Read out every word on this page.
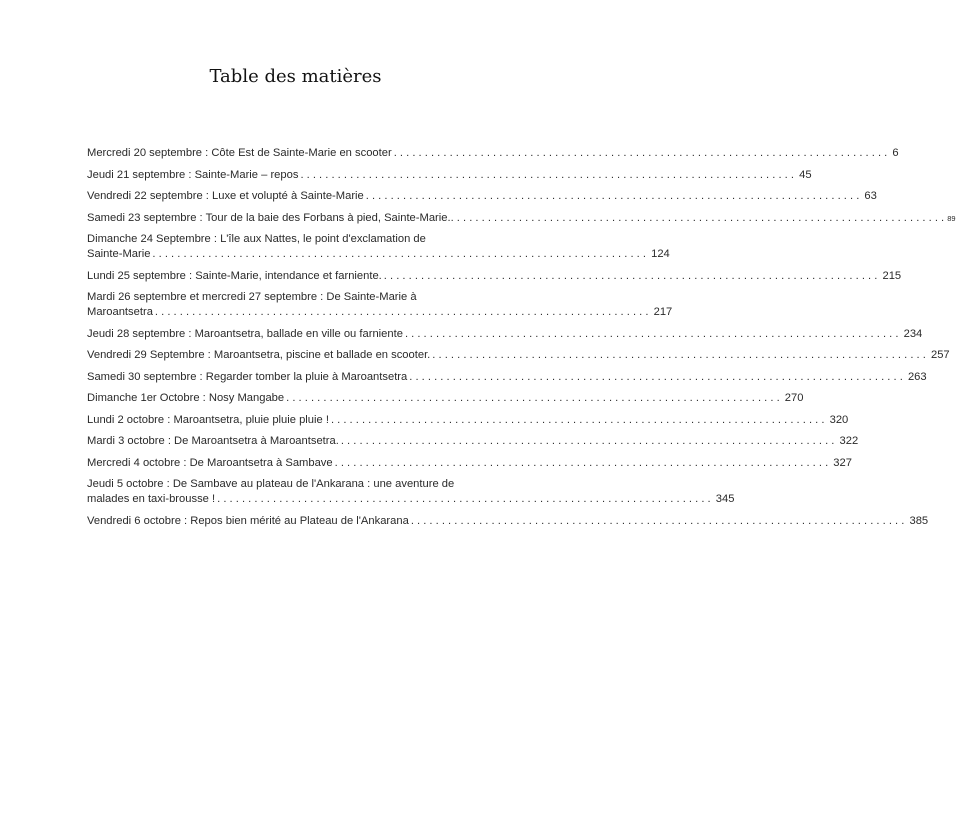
Table des matières
Mercredi 20 septembre : Côte Est de Sainte-Marie en scooter ................................................................................ 6
Jeudi 21 septembre : Sainte-Marie – repos ................................................................................ 45
Vendredi 22 septembre : Luxe et volupté à Sainte-Marie ................................................................................ 63
Samedi 23 septembre : Tour de la baie des Forbans à pied, Sainte-Marie. ................................................................................ 89
Dimanche 24 Septembre : L'île aux Nattes, le point d'exclamation de
Sainte-Marie ................................................................................ 124
Lundi 25 septembre : Sainte-Marie, intendance et farniente. ................................................................................ 215
Mardi 26 septembre et mercredi 27 septembre : De Sainte-Marie à
Maroantsetra ................................................................................ 217
Jeudi 28 septembre : Maroantsetra, ballade en ville ou farniente ................................................................................ 234
Vendredi 29 Septembre : Maroantsetra, piscine et ballade en scooter. ................................................................................ 257
Samedi 30 septembre : Regarder tomber la pluie à Maroantsetra ................................................................................ 263
Dimanche 1er Octobre : Nosy Mangabe ................................................................................ 270
Lundi 2 octobre : Maroantsetra, pluie pluie pluie ! ................................................................................ 320
Mardi 3 octobre : De Maroantsetra à Maroantsetra. ................................................................................ 322
Mercredi 4 octobre : De Maroantsetra à Sambave ................................................................................ 327
Jeudi 5 octobre : De Sambave au plateau de l'Ankarana : une aventure de
malades en taxi-brousse ! ................................................................................ 345
Vendredi 6 octobre : Repos bien mérité au Plateau de l'Ankarana ................................................................................ 385
